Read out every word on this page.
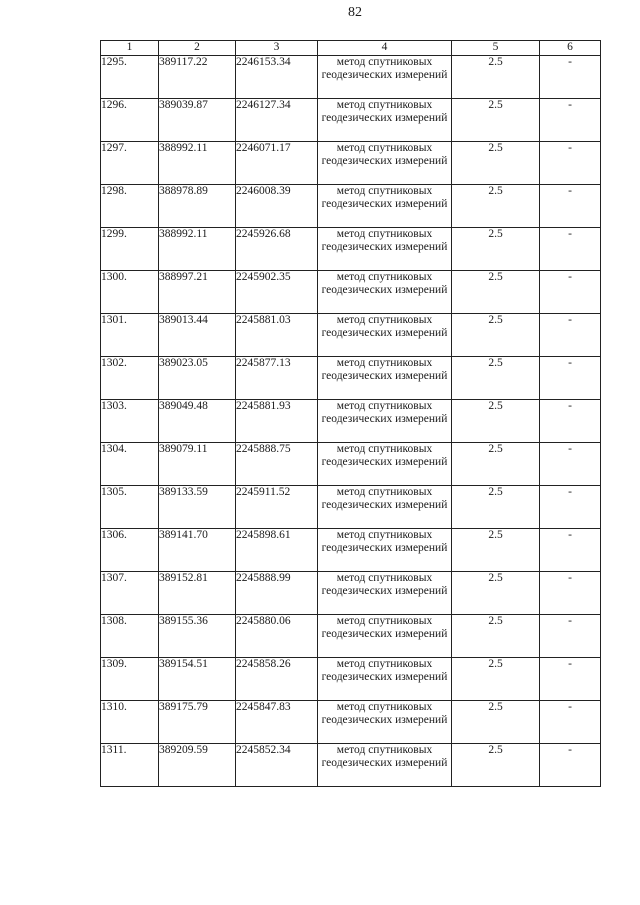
82
1	2	3	4	5	6
1295.	389117.22	2246153.34	метод спутниковых геодезических измерений	2.5	-
1296.	389039.87	2246127.34	метод спутниковых геодезических измерений	2.5	-
1297.	388992.11	2246071.17	метод спутниковых геодезических измерений	2.5	-
1298.	388978.89	2246008.39	метод спутниковых геодезических измерений	2.5	-
1299.	388992.11	2245926.68	метод спутниковых геодезических измерений	2.5	-
1300.	388997.21	2245902.35	метод спутниковых геодезических измерений	2.5	-
1301.	389013.44	2245881.03	метод спутниковых геодезических измерений	2.5	-
1302.	389023.05	2245877.13	метод спутниковых геодезических измерений	2.5	-
1303.	389049.48	2245881.93	метод спутниковых геодезических измерений	2.5	-
1304.	389079.11	2245888.75	метод спутниковых геодезических измерений	2.5	-
1305.	389133.59	2245911.52	метод спутниковых геодезических измерений	2.5	-
1306.	389141.70	2245898.61	метод спутниковых геодезических измерений	2.5	-
1307.	389152.81	2245888.99	метод спутниковых геодезических измерений	2.5	-
1308.	389155.36	2245880.06	метод спутниковых геодезических измерений	2.5	-
1309.	389154.51	2245858.26	метод спутниковых геодезических измерений	2.5	-
1310.	389175.79	2245847.83	метод спутниковых геодезических измерений	2.5	-
1311.	389209.59	2245852.34	метод спутниковых геодезических измерений	2.5	-
